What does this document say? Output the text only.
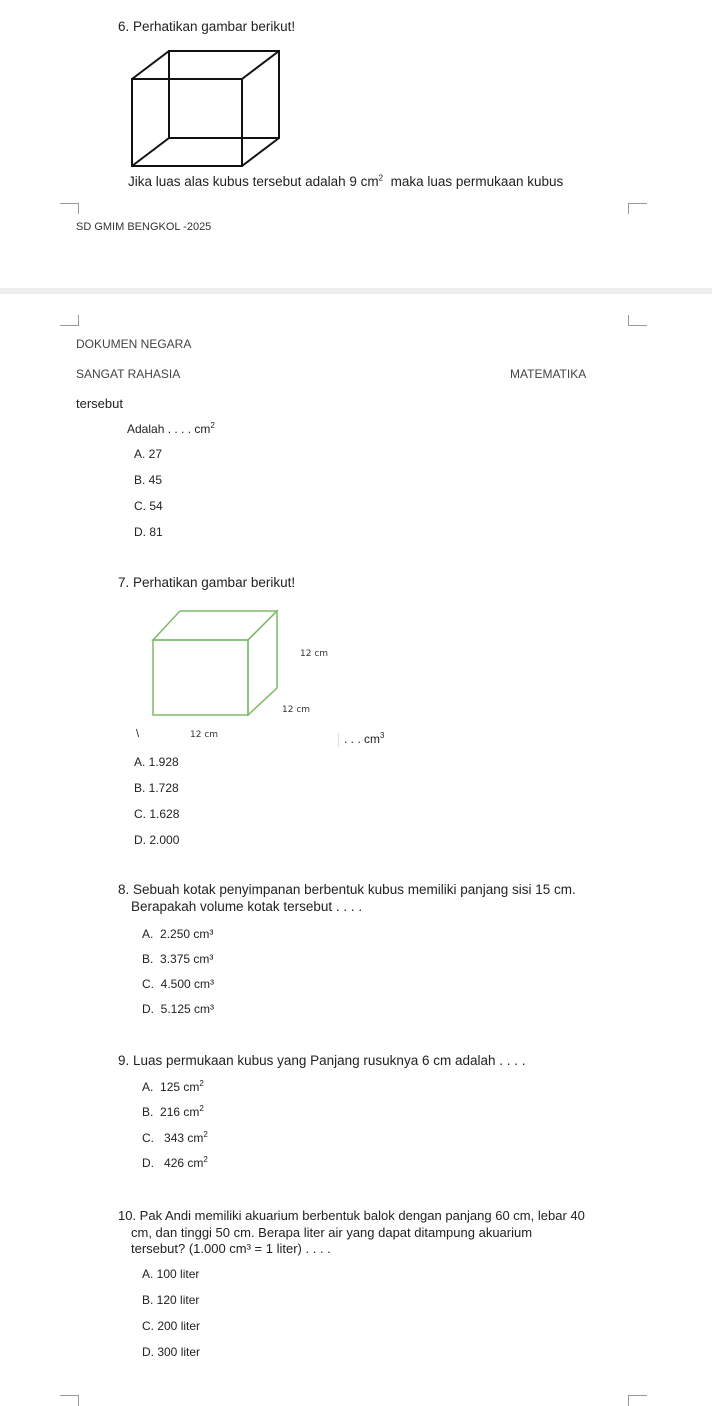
6. Perhatikan gambar berikut!
Jika luas alas kubus tersebut adalah 9 $cm^2$ maka luas permukaan kubus
SD GMIM BENGKOL -2025
DOKUMEN NEGARA
SANGAT RAHASIA	MATEMATIKA
tersebut
Adalah . . . . $cm^2$
A. 27
B. 45
C. 54
D. 81
7. Perhatikan gambar berikut!
12 cm
12 cm
12 cm
\	. . . $cm^3$
A. 1.928
B. 1.728
C. 1.628
D. 2.000
8. Sebuah kotak penyimpanan berbentuk kubus memiliki panjang sisi 15 cm.
Berapakah volume kotak tersebut . . . .
A. 2.250 cm³
B. 3.375 cm³
C. 4.500 cm³
D. 5.125 cm³
9. Luas permukaan kubus yang Panjang rusuknya 6 cm adalah . . . .
A. 125 $cm^2$
B. 216 $cm^2$
C. 343 $cm^2$
D. 426 $cm^2$
10. Pak Andi memiliki akuarium berbentuk balok dengan panjang 60 cm, lebar 40
cm, dan tinggi 50 cm. Berapa liter air yang dapat ditampung akuarium
tersebut? (1.000 cm³ = 1 liter) . . . .
A. 100 liter
B. 120 liter
C. 200 liter
D. 300 liter
